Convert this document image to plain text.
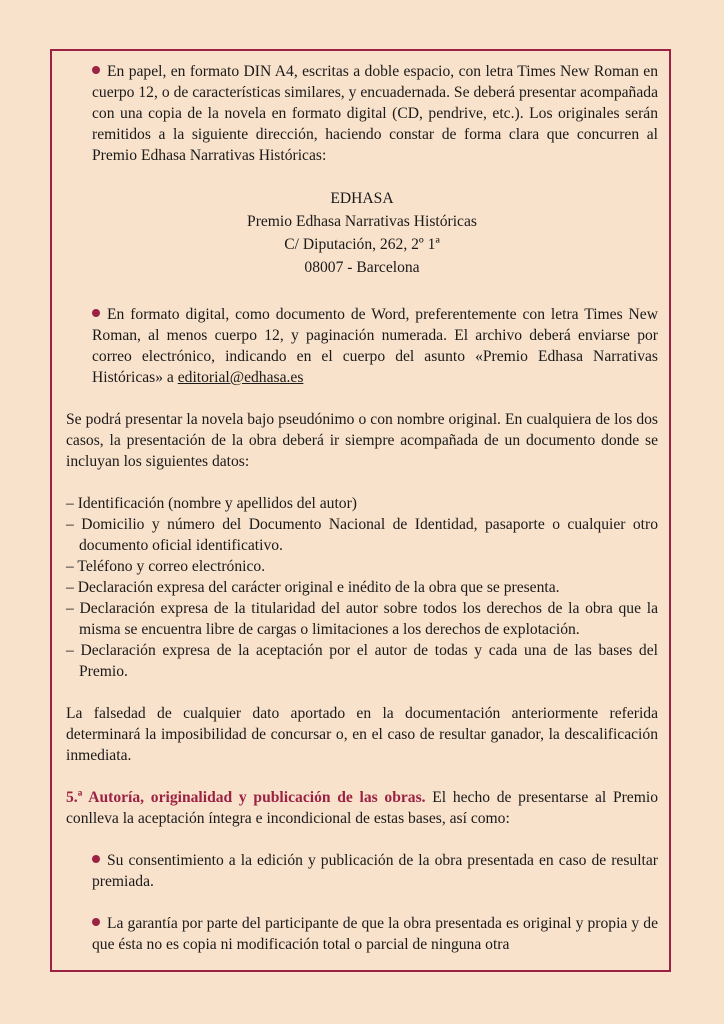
En papel, en formato DIN A4, escritas a doble espacio, con letra Times New Roman en cuerpo 12, o de características similares, y encuadernada. Se deberá presentar acompañada con una copia de la novela en formato digital (CD, pendrive, etc.). Los originales serán remitidos a la siguiente dirección, haciendo constar de forma clara que concurren al Premio Edhasa Narrativas Históricas:

EDHASA
Premio Edhasa Narrativas Históricas
C/ Diputación, 262, 2º 1ª
08007 - Barcelona

En formato digital, como documento de Word, preferentemente con letra Times New Roman, al menos cuerpo 12, y paginación numerada. El archivo deberá enviarse por correo electrónico, indicando en el cuerpo del asunto «Premio Edhasa Narrativas Históricas» a editorial@edhasa.es

Se podrá presentar la novela bajo pseudónimo o con nombre original. En cualquiera de los dos casos, la presentación de la obra deberá ir siempre acompañada de un documento donde se incluyan los siguientes datos:

– Identificación (nombre y apellidos del autor)
– Domicilio y número del Documento Nacional de Identidad, pasaporte o cualquier otro documento oficial identificativo.
– Teléfono y correo electrónico.
– Declaración expresa del carácter original e inédito de la obra que se presenta.
– Declaración expresa de la titularidad del autor sobre todos los derechos de la obra que la misma se encuentra libre de cargas o limitaciones a los derechos de explotación.
– Declaración expresa de la aceptación por el autor de todas y cada una de las bases del Premio.

La falsedad de cualquier dato aportado en la documentación anteriormente referida determinará la imposibilidad de concursar o, en el caso de resultar ganador, la descalificación inmediata.

5.ª Autoría, originalidad y publicación de las obras. El hecho de presentarse al Premio conlleva la aceptación íntegra e incondicional de estas bases, así como:

Su consentimiento a la edición y publicación de la obra presentada en caso de resultar premiada.

La garantía por parte del participante de que la obra presentada es original y propia y de que ésta no es copia ni modificación total o parcial de ninguna otra
